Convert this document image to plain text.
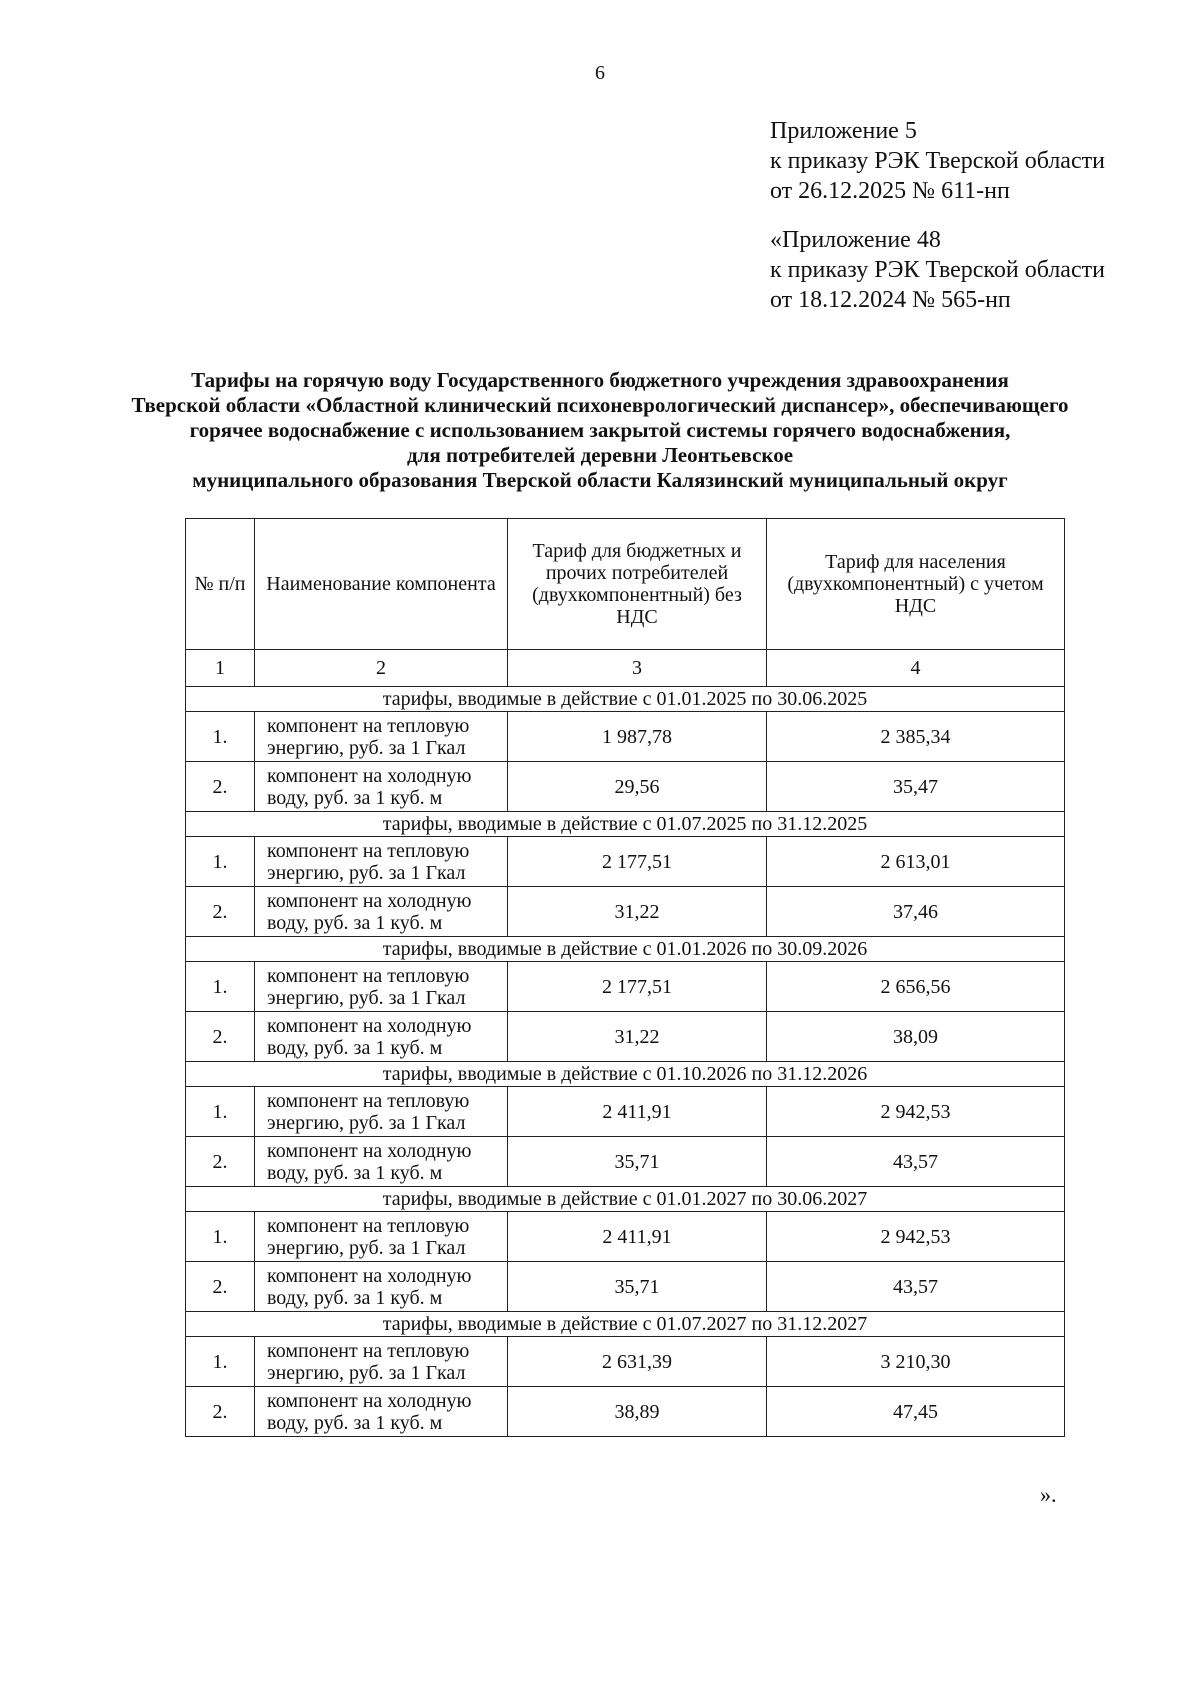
6
Приложение 5
к приказу РЭК Тверской области
от 26.12.2025 № 611-нп
«Приложение 48
к приказу РЭК Тверской области
от 18.12.2024 № 565-нп
Тарифы на горячую воду Государственного бюджетного учреждения здравоохранения
Тверской области «Областной клинический психоневрологический диспансер», обеспечивающего
горячее водоснабжение с использованием закрытой системы горячего водоснабжения,
для потребителей деревни Леонтьевское
муниципального образования Тверской области Калязинский муниципальный округ
№ п/п	Наименование компонента	Тариф для бюджетных и прочих потребителей (двухкомпонентный) без НДС	Тариф для населения (двухкомпонентный) с учетом НДС
1	2	3	4
тарифы, вводимые в действие с 01.01.2025 по 30.06.2025			
1.	компонент на тепловую энергию, руб. за 1 Гкал	1 987,78	2 385,34
2.	компонент на холодную воду, руб. за 1 куб. м	29,56	35,47
тарифы, вводимые в действие с 01.07.2025 по 31.12.2025			
1.	компонент на тепловую энергию, руб. за 1 Гкал	2 177,51	2 613,01
2.	компонент на холодную воду, руб. за 1 куб. м	31,22	37,46
тарифы, вводимые в действие с 01.01.2026 по 30.09.2026			
1.	компонент на тепловую энергию, руб. за 1 Гкал	2 177,51	2 656,56
2.	компонент на холодную воду, руб. за 1 куб. м	31,22	38,09
тарифы, вводимые в действие с 01.10.2026 по 31.12.2026			
1.	компонент на тепловую энергию, руб. за 1 Гкал	2 411,91	2 942,53
2.	компонент на холодную воду, руб. за 1 куб. м	35,71	43,57
тарифы, вводимые в действие с 01.01.2027 по 30.06.2027			
1.	компонент на тепловую энергию, руб. за 1 Гкал	2 411,91	2 942,53
2.	компонент на холодную воду, руб. за 1 куб. м	35,71	43,57
тарифы, вводимые в действие с 01.07.2027 по 31.12.2027			
1.	компонент на тепловую энергию, руб. за 1 Гкал	2 631,39	3 210,30
2.	компонент на холодную воду, руб. за 1 куб. м	38,89	47,45
».
